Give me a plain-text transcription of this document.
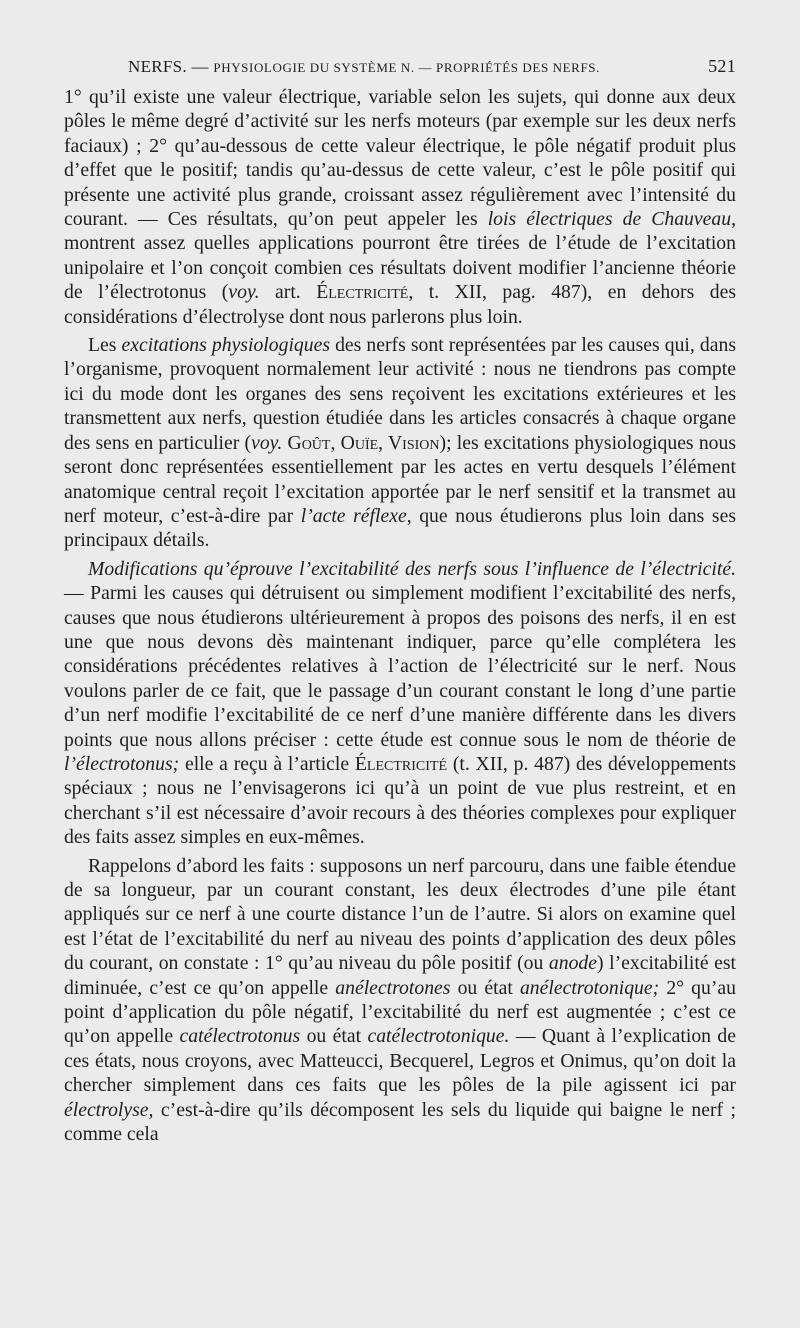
NERFS. — PHYSIOLOGIE DU SYSTÈME N. — PROPRIÉTÉS DES NERFS.	521

1° qu’il existe une valeur électrique, variable selon les sujets, qui donne aux deux pôles le même degré d’activité sur les nerfs moteurs (par exemple sur les deux nerfs faciaux) ; 2° qu’au-dessous de cette valeur électrique, le pôle négatif produit plus d’effet que le positif; tandis qu’au-dessus de cette valeur, c’est le pôle positif qui présente une activité plus grande, croissant assez régulièrement avec l’intensité du courant. — Ces résultats, qu’on peut appeler les lois électriques de Chauveau, montrent assez quelles applications pourront être tirées de l’étude de l’excitation unipolaire et l’on conçoit combien ces résultats doivent modifier l’ancienne théorie de l’électrotonus (voy. art. Électricité, t. XII, pag. 487), en dehors des considérations d’électrolyse dont nous parlerons plus loin.

Les excitations physiologiques des nerfs sont représentées par les causes qui, dans l’organisme, provoquent normalement leur activité : nous ne tiendrons pas compte ici du mode dont les organes des sens reçoivent les excitations extérieures et les transmettent aux nerfs, question étudiée dans les articles consacrés à chaque organe des sens en particulier (voy. Goût, Ouïe, Vision); les excitations physiologiques nous seront donc représentées essentiellement par les actes en vertu desquels l’élément anatomique central reçoit l’excitation apportée par le nerf sensitif et la transmet au nerf moteur, c’est-à-dire par l’acte réflexe, que nous étudierons plus loin dans ses principaux détails.

Modifications qu’éprouve l’excitabilité des nerfs sous l’influence de l’électricité. — Parmi les causes qui détruisent ou simplement modifient l’excitabilité des nerfs, causes que nous étudierons ultérieurement à propos des poisons des nerfs, il en est une que nous devons dès maintenant indiquer, parce qu’elle complétera les considérations précédentes relatives à l’action de l’électricité sur le nerf. Nous voulons parler de ce fait, que le passage d’un courant constant le long d’une partie d’un nerf modifie l’excitabilité de ce nerf d’une manière différente dans les divers points que nous allons préciser : cette étude est connue sous le nom de théorie de l’électrotonus; elle a reçu à l’article Électricité (t. XII, p. 487) des développements spéciaux ; nous ne l’envisagerons ici qu’à un point de vue plus restreint, et en cherchant s’il est nécessaire d’avoir recours à des théories complexes pour expliquer des faits assez simples en eux-mêmes.

Rappelons d’abord les faits : supposons un nerf parcouru, dans une faible étendue de sa longueur, par un courant constant, les deux électrodes d’une pile étant appliqués sur ce nerf à une courte distance l’un de l’autre. Si alors on examine quel est l’état de l’excitabilité du nerf au niveau des points d’application des deux pôles du courant, on constate : 1° qu’au niveau du pôle positif (ou anode) l’excitabilité est diminuée, c’est ce qu’on appelle anélectrotones ou état anélectrotonique; 2° qu’au point d’application du pôle négatif, l’excitabilité du nerf est augmentée ; c’est ce qu’on appelle catélectrotonus ou état catélectrotonique. — Quant à l’explication de ces états, nous croyons, avec Matteucci, Becquerel, Legros et Onimus, qu’on doit la chercher simplement dans ces faits que les pôles de la pile agissent ici par électrolyse, c’est-à-dire qu’ils décomposent les sels du liquide qui baigne le nerf ; comme cela
